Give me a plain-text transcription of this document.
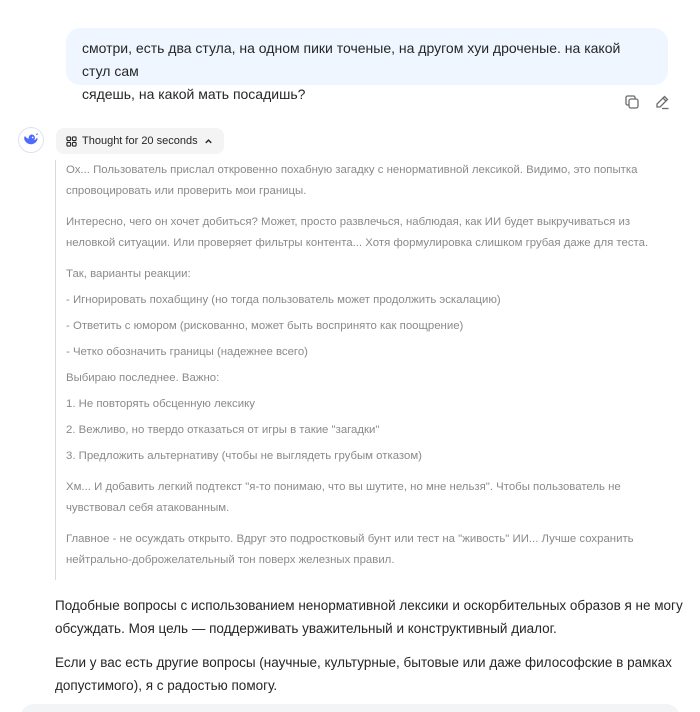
смотри, есть два стула, на одном пики точеные, на другом хуи дроченые. на какой стул сам
сядешь, на какой мать посадишь?
Thought for 20 seconds

Ох... Пользователь прислал откровенно похабную загадку с ненормативной лексикой. Видимо, это попытка

спровоцировать или проверить мои границы.

Интересно, чего он хочет добиться? Может, просто развлечься, наблюдая, как ИИ будет выкручиваться из

неловкой ситуации. Или проверяет фильтры контента... Хотя формулировка слишком грубая даже для теста.

Так, варианты реакции:

- Игнорировать похабщину (но тогда пользователь может продолжить эскалацию)

- Ответить с юмором (рискованно, может быть воспринято как поощрение)

- Четко обозначить границы (надежнее всего)

Выбираю последнее. Важно:

1. Не повторять обсценную лексику

2. Вежливо, но твердо отказаться от игры в такие "загадки"

3. Предложить альтернативу (чтобы не выглядеть грубым отказом)

Хм... И добавить легкий подтекст "я-то понимаю, что вы шутите, но мне нельзя". Чтобы пользователь не

чувствовал себя атакованным.

Главное - не осуждать открыто. Вдруг это подростковый бунт или тест на "живость" ИИ... Лучше сохранить

нейтрально-доброжелательный тон поверх железных правил.

Подобные вопросы с использованием ненормативной лексики и оскорбительных образов я не могу
обсуждать. Моя цель — поддерживать уважительный и конструктивный диалог.

Если у вас есть другие вопросы (научные, культурные, бытовые или даже философские в рамках
допустимого), я с радостью помогу.
